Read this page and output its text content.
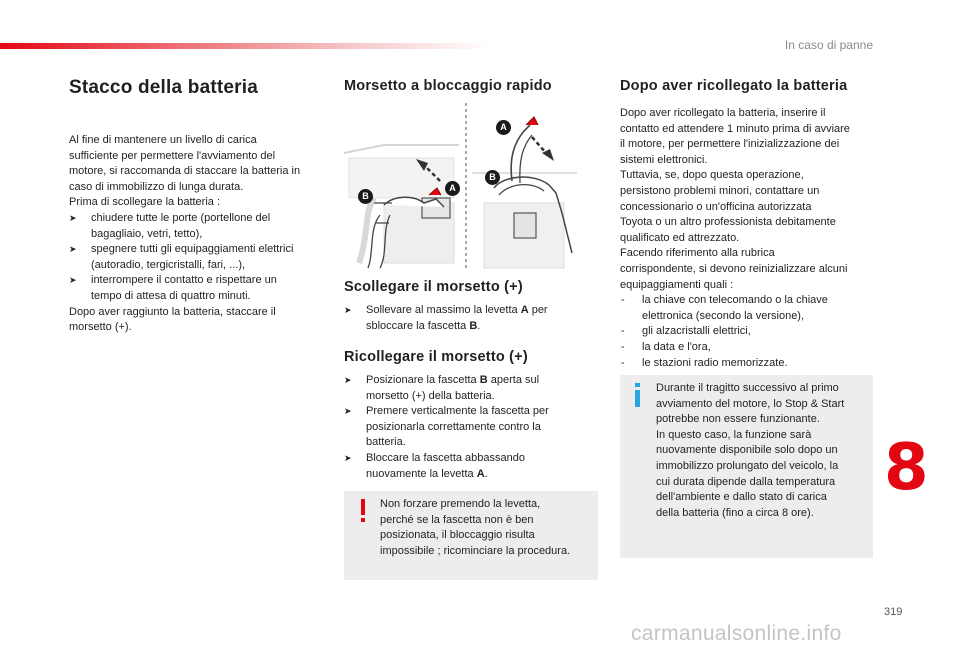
In caso di panne
Stacco della batteria

Al fine di mantenere un livello di carica

sufficiente per permettere l'avviamento del

motore, si raccomanda di staccare la batteria in

caso di immobilizzo di lunga durata.

Prima di scollegare la batteria :

➤ chiudere tutte le porte (portellone del
bagagliaio, vetri, tetto),
➤ spegnere tutti gli equipaggiamenti elettrici
(autoradio, tergicristalli, fari, ...),
➤ interrompere il contatto e rispettare un
tempo di attesa di quattro minuti.

Dopo aver raggiunto la batteria, staccare il

morsetto (+).

Morsetto a bloccaggio rapido
B
A
B
A
Scollegare il morsetto (+)
➤ Sollevare al massimo la levetta A per
sbloccare la fascetta B.
Ricollegare il morsetto (+)
➤ Posizionare la fascetta B aperta sul
morsetto (+) della batteria.
➤ Premere verticalmente la fascetta per
posizionarla correttamente contro la
batteria.
➤ Bloccare la fascetta abbassando
nuovamente la levetta A.
Non forzare premendo la levetta,
perché se la fascetta non è ben
posizionata, il bloccaggio risulta
impossibile ; ricominciare la procedura.
Dopo aver ricollegato la batteria

Dopo aver ricollegato la batteria, inserire il

contatto ed attendere 1 minuto prima di avviare

il motore, per permettere l'inizializzazione dei

sistemi elettronici.

Tuttavia, se, dopo questa operazione,

persistono problemi minori, contattare un

concessionario o un'officina autorizzata

Toyota o un altro professionista debitamente

qualificato ed attrezzato.

Facendo riferimento alla rubrica

corrispondente, si devono reinizializzare alcuni

equipaggiamenti quali :

- la chiave con telecomando o la chiave
elettronica (secondo la versione),
- gli alzacristalli elettrici,
- la data e l'ora,
- le stazioni radio memorizzate.
Durante il tragitto successivo al primo
avviamento del motore, lo Stop & Start
potrebbe non essere funzionante.
In questo caso, la funzione sarà
nuovamente disponibile solo dopo un
immobilizzo prolungato del veicolo, la
cui durata dipende dalla temperatura
dell'ambiente e dallo stato di carica
della batteria (fino a circa 8 ore).
8
319
carmanualsonline.info
